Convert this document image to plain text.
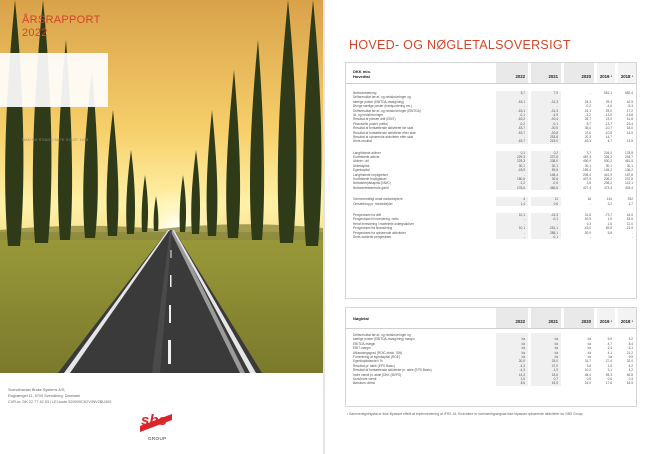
ÅRSRAPPORT
2022
MAKING ROADS SAFE SINCE 1948
Scandinavian Brake Systems A/S,
Rugvænget 11, 5700 Svendborg, Danmark
CVR-nr. DK 22 77 42 53 | LEI-kode 529900CK2V39V2BU309
sbs
GROUP
HOVED- OG NØGLETALSOVERSIGT
DKK mio.
Hovedtal	2022	2021	2020 2019 ¹ 2018 ¹
Nettoomsætning	5,7	7,9	-	551,1	682,4
Driftsresultat før af- og nedskrivninger og
særlige poster (EBITDA-mssig/ning)	-53,1	-31,3	24,3	29,4	42,5
Øvrige særlige poster (transportering mv.)	-	-	-0,2	-4,6	-5,3
Driftsresultat før af- og nedskrivninger (EBITDA)	-53,1	-31,3	24,1	25,0	17,2
Af- og nedskrivninger	-0,1	-4,9	-2,2	-13,0	-15,8
Resultat af primær drift (EBIT)	-53,2	-30,4	26,7	13,0	41,8
Finansielle poster (netto)	-0,2	-0,1	8,7	-13,7	-23,4
Resultat af fortsættende aktiviteter før skat	-53,7	-30,5	35,4	-10,7	18,0
Resultat af fortsættende aktiviteter efter skat	-53,7	-30,8	22,6	-10,5	13,5
Resultat af ophørende aktiviteter efter skat	-	253,8	20,3	14,7	-
Årets resultat	-53,7	215,0	-53,3	4,7	13,5
Langfristede aktiver	0,1	0,2	3,7	204,0	178,8
Kortfristede aktiver	229,3	237,8	487,3	326,2	294,7
Aktiver i alt	229,3	238,0	490,9	530,2	461,5
Aktiekapital	30,1	30,1	30,1	30,1	30,1
Egenkapital	-45,9	59,6	155,4	145,2	136,2
Langfristede forpligtelser	-	148,4	208,4	441,9	187,8
Kortfristede forpligtelser	180,6	30,6	407,9	206,2	237,8
Nettoarbejdskapital (NWC)	-1,2	-0,5	2,8	208,2	141,1
Nettorentebærende gæld	178,6	466,5	427,4	473,4	403,4
Gennemsnitligt antal medarbejdere	4	11	18	144	392
Omsætning pr. medarbejder	1,4	0,6	-	3,2	2,7
Pengestrøm fra drift	10,1	-31,3	31,8	-73,7	44,5
Pengestrøm til investering, netto	-	-0,1	40,9	1,9	18,6
Heraf investering i materielle anlægsaktiver	-	-	0,3	1,6	12,0
Pengestrøm fra finansiering	10,1	-251,1	-43,0	69,8	-21,9
Pengestrøm fra ophørende aktiviteter	-	288,1	30,9	5,8	-
Årets samlede pengestrøm	-	-0,1	-	-	-
Nøgletal
2022	2021	2020 2019 ¹ 2018 ¹
Driftsresultat før af- og nedskrivninger og
særlige poster (EBITDA-mssig/ning) margin	i/a	i/a	i/a	5,5	9,2
EBITDA-margin	i/a	i/a	i/a	4,7	8,4
EBIT-margin	i/a	i/a	i/a	2,4	6,1
Afkastningsgrad (ROIC ekskl. GW)	i/a	i/a	i/a	4,1	21,2
Forrentning af egenkapital (ROE)	i/a	i/a	i/a	i/a	9,9
Egenkapitalandel i %	20,0	25,0	31,7	27,4	32,0
Resultat pr. aktie (EPS Basic)	-4,3	47,0	3,8	1,5	4,2
Resultat af fortsættende aktiviteter pr. aktie (EPS Basic)	-4,3	-1,9	10,2	3,1	4,2
Indre værdi pr. aktie (DKK (BVPS)	14,3	18,6	48,4	45,3	46,8
Kurs/indre værdi	1,5	0,7	0,5	0,6	0,4
Børskurs ultimo	8,6	15,5	24,0	17,8	18,5
¹ Sammenligningstal er ikke tilpasset effekt af implementering af IFRS 16. Endvidere er sammenligningstal ikke tilpasset ophørende aktiviteter for SBS Group.
